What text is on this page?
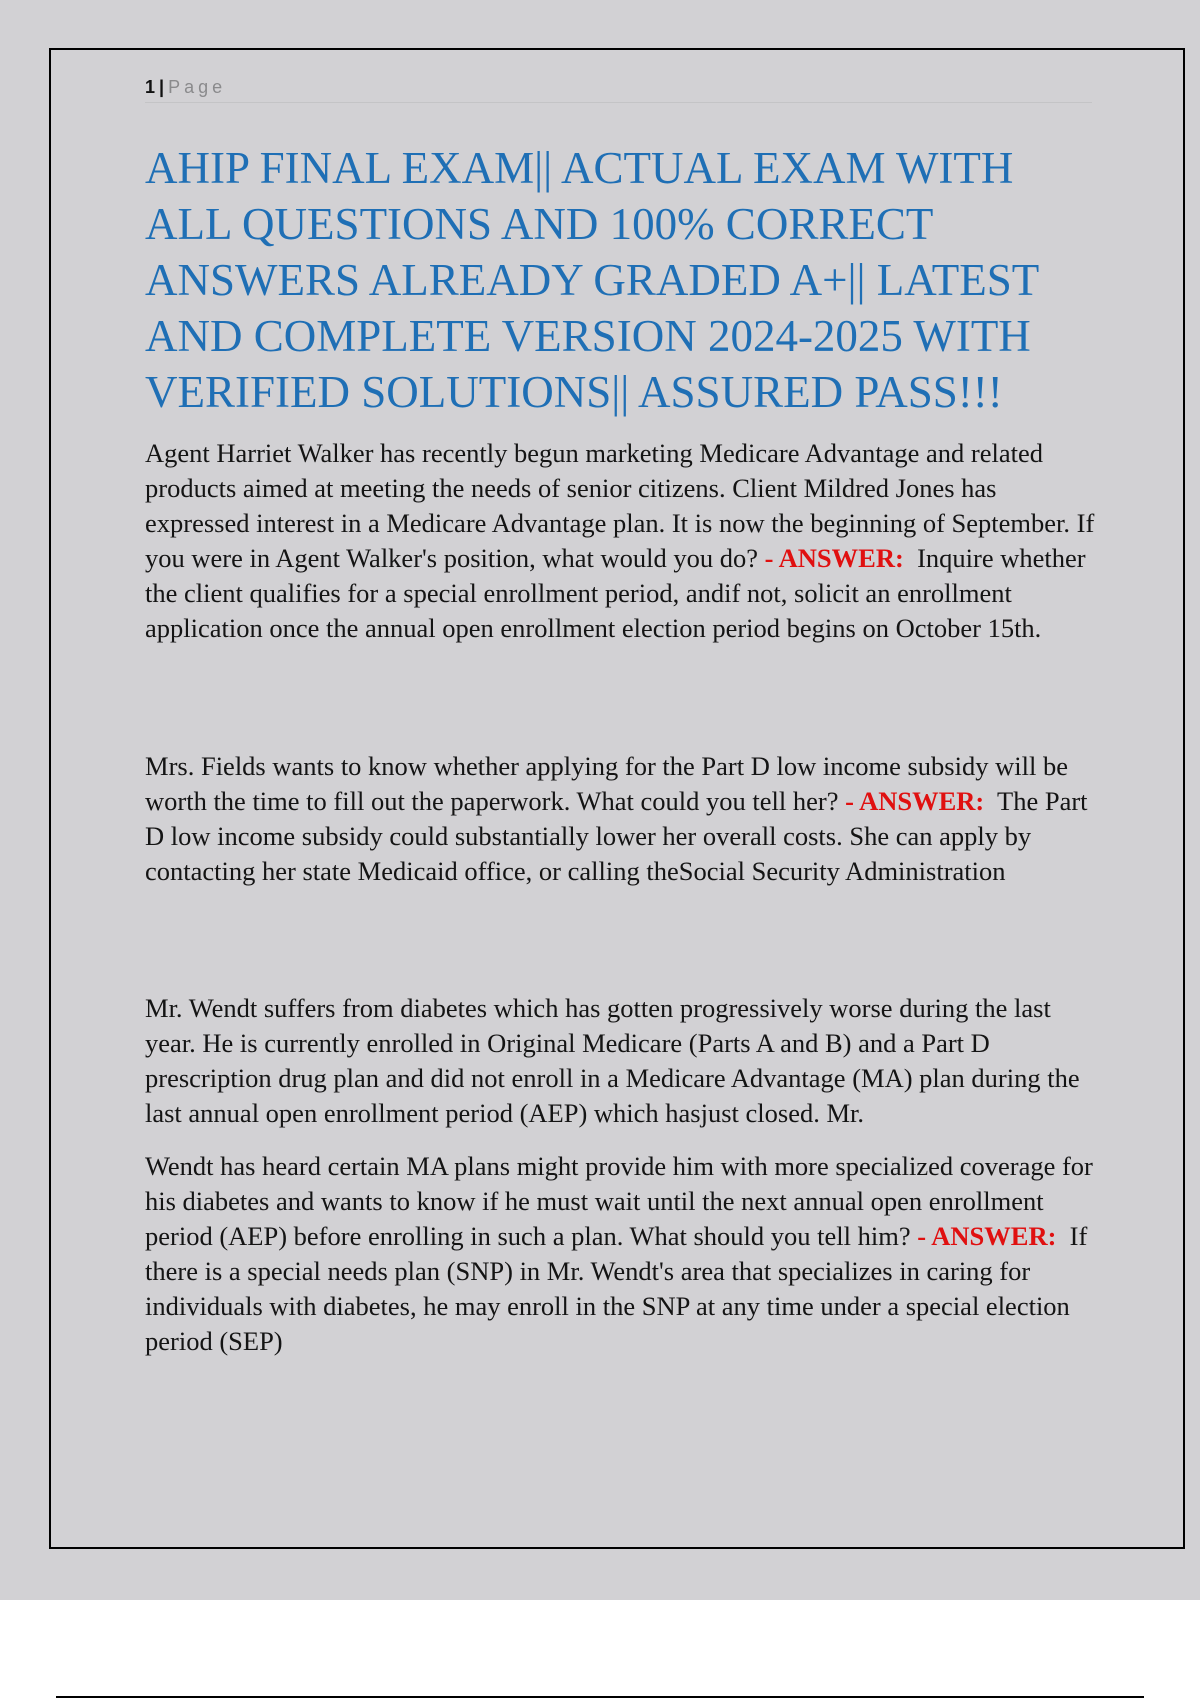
1 | Page
AHIP FINAL EXAM|| ACTUAL EXAM WITH ALL QUESTIONS AND 100% CORRECT ANSWERS ALREADY GRADED A+|| LATEST AND COMPLETE VERSION 2024-2025 WITH VERIFIED SOLUTIONS|| ASSURED PASS!!!

Agent Harriet Walker has recently begun marketing Medicare Advantage and related products aimed at meeting the needs of senior citizens. Client Mildred Jones has expressed interest in a Medicare Advantage plan. It is now the beginning of September. If you were in Agent Walker's position, what would you do? - ANSWER: Inquire whether the client qualifies for a special enrollment period, andif not, solicit an enrollment application once the annual open enrollment election period begins on October 15th.

Mrs. Fields wants to know whether applying for the Part D low income subsidy will be worth the time to fill out the paperwork. What could you tell her? - ANSWER: The Part D low income subsidy could substantially lower her overall costs. She can apply by contacting her state Medicaid office, or calling theSocial Security Administration

Mr. Wendt suffers from diabetes which has gotten progressively worse during the last year. He is currently enrolled in Original Medicare (Parts A and B) and a Part D prescription drug plan and did not enroll in a Medicare Advantage (MA) plan during the last annual open enrollment period (AEP) which hasjust closed. Mr.

Wendt has heard certain MA plans might provide him with more specialized coverage for his diabetes and wants to know if he must wait until the next annual open enrollment period (AEP) before enrolling in such a plan. What should you tell him? - ANSWER: If there is a special needs plan (SNP) in Mr. Wendt's area that specializes in caring for individuals with diabetes, he may enroll in the SNP at any time under a special election period (SEP)
